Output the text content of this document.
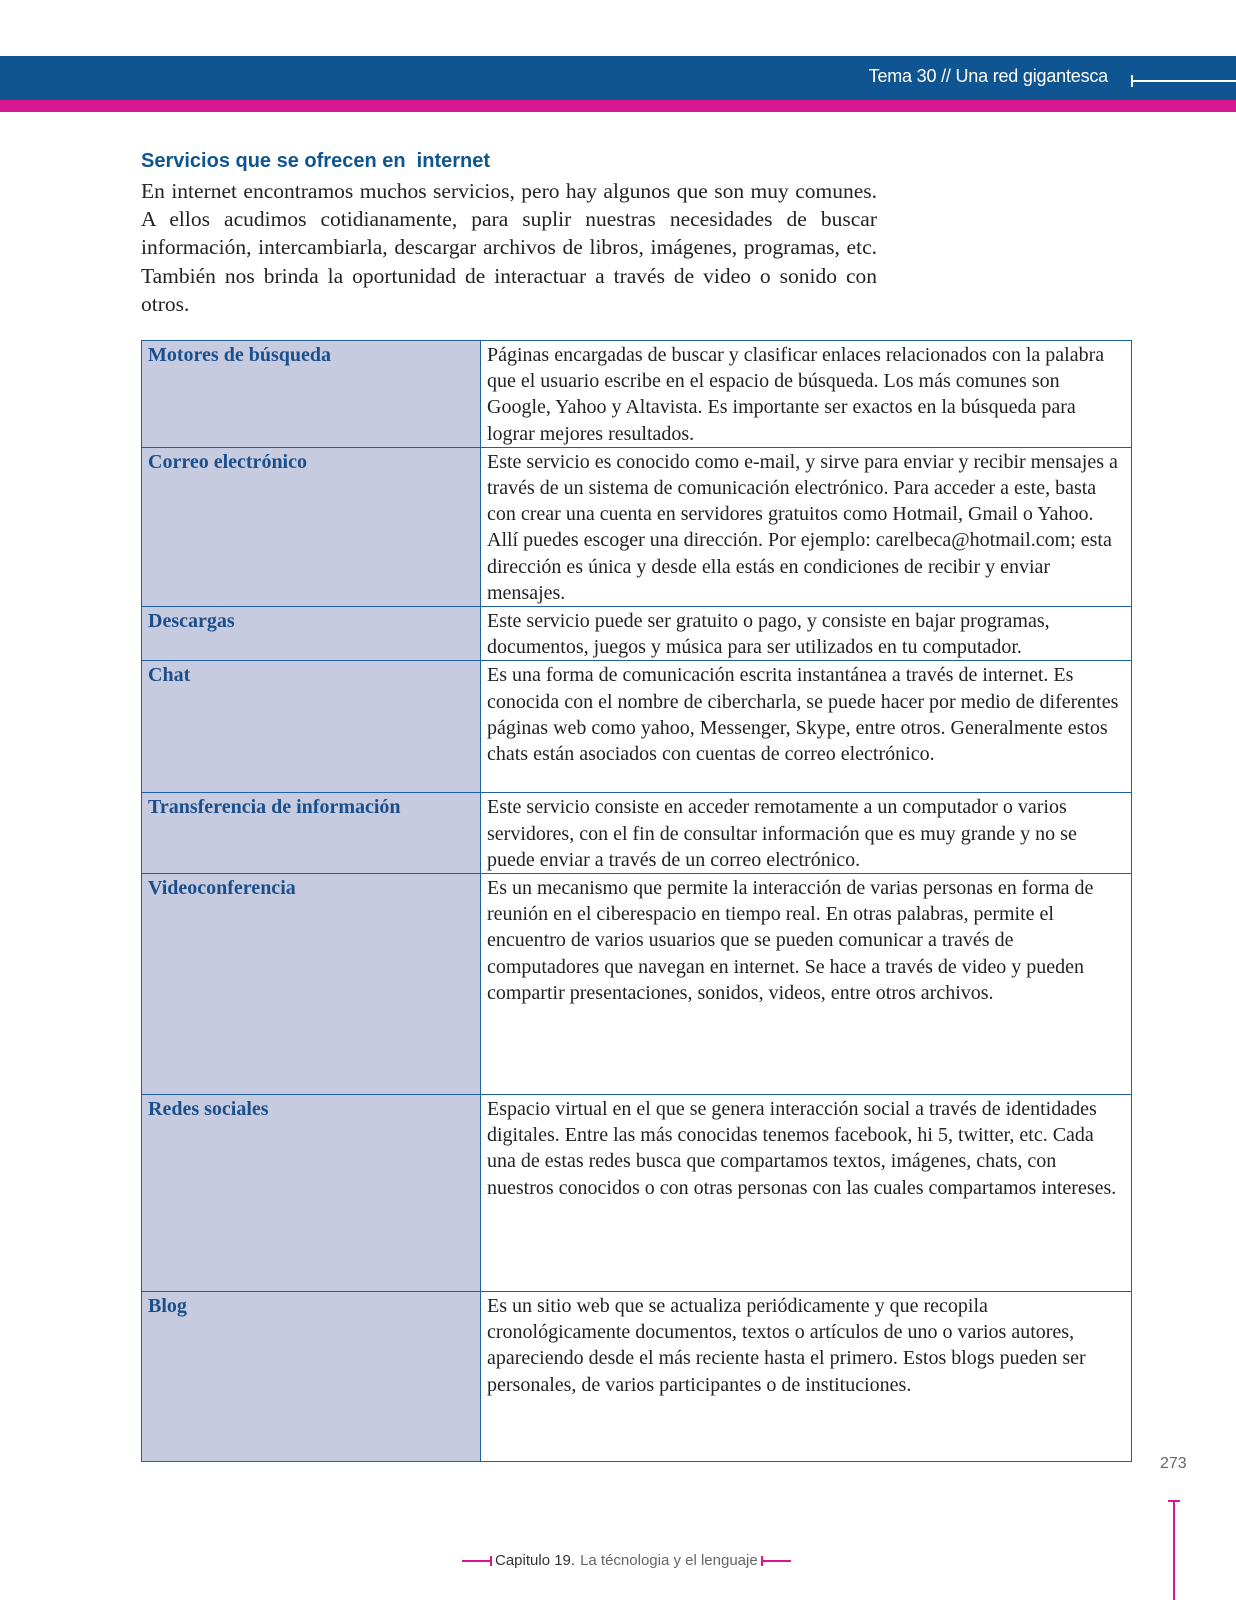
Tema 30 // Una red gigantesca
Servicios que se ofrecen en  internet
En internet encontramos muchos servicios, pero hay algunos que son muy comunes. A ellos acudimos cotidianamente, para suplir nuestras necesidades de buscar información, intercambiarla, descargar archivos de libros, imágenes, programas, etc. También nos brinda la oportunidad de interactuar a través de video o sonido con otros.
Motores de búsqueda	Páginas encargadas de buscar y clasificar enlaces relacionados con la palabra que el usuario escribe en el espacio de búsqueda. Los más comunes son Google, Yahoo y Altavista. Es importante ser exactos en la búsqueda para lograr mejores resultados.
Correo electrónico	Este servicio es conocido como e-mail, y sirve para enviar y recibir mensajes a través de un sistema de comunicación electrónico. Para acceder a este, basta con crear una cuenta en servidores gratuitos como Hotmail, Gmail o Yahoo. Allí puedes escoger una dirección. Por ejemplo: carelbeca@hotmail.com; esta dirección es única y desde ella estás en condiciones de recibir y enviar mensajes.
Descargas	Este servicio puede ser gratuito o pago, y consiste en bajar programas, documentos, juegos y música para ser utilizados en tu computador.
Chat	Es una forma de comunicación escrita instantánea a través de internet. Es conocida con el nombre de cibercharla, se puede hacer por medio de diferentes páginas web como yahoo, Messenger, Skype, entre otros. Generalmente estos chats están asociados con cuentas de correo electrónico.
Transferencia de información	Este servicio consiste en acceder remotamente a un computador o varios servidores, con el fin de consultar información que es muy grande y no se puede enviar a través de un correo electrónico.
Videoconferencia	Es un mecanismo que permite la interacción de varias personas en forma de reunión en el ciberespacio en tiempo real. En otras palabras, permite el encuentro de varios usuarios que se pueden comunicar a través de computadores que navegan en internet. Se hace a través de video y pueden compartir presentaciones, sonidos, videos, entre otros archivos.
Redes sociales	Espacio virtual en el que se genera interacción social a través de identidades digitales. Entre las más conocidas tenemos facebook, hi 5, twitter, etc. Cada una de estas redes busca que compartamos textos, imágenes, chats, con nuestros conocidos o con otras personas con las cuales compartamos intereses.
Blog	Es un sitio web que se actualiza periódicamente y que recopila cronológicamente documentos, textos o artículos de uno o varios autores, apareciendo desde el más reciente hasta el primero. Estos blogs pueden ser personales, de varios participantes o de instituciones.
273
Capitulo 19. La técnologia y el lenguaje
